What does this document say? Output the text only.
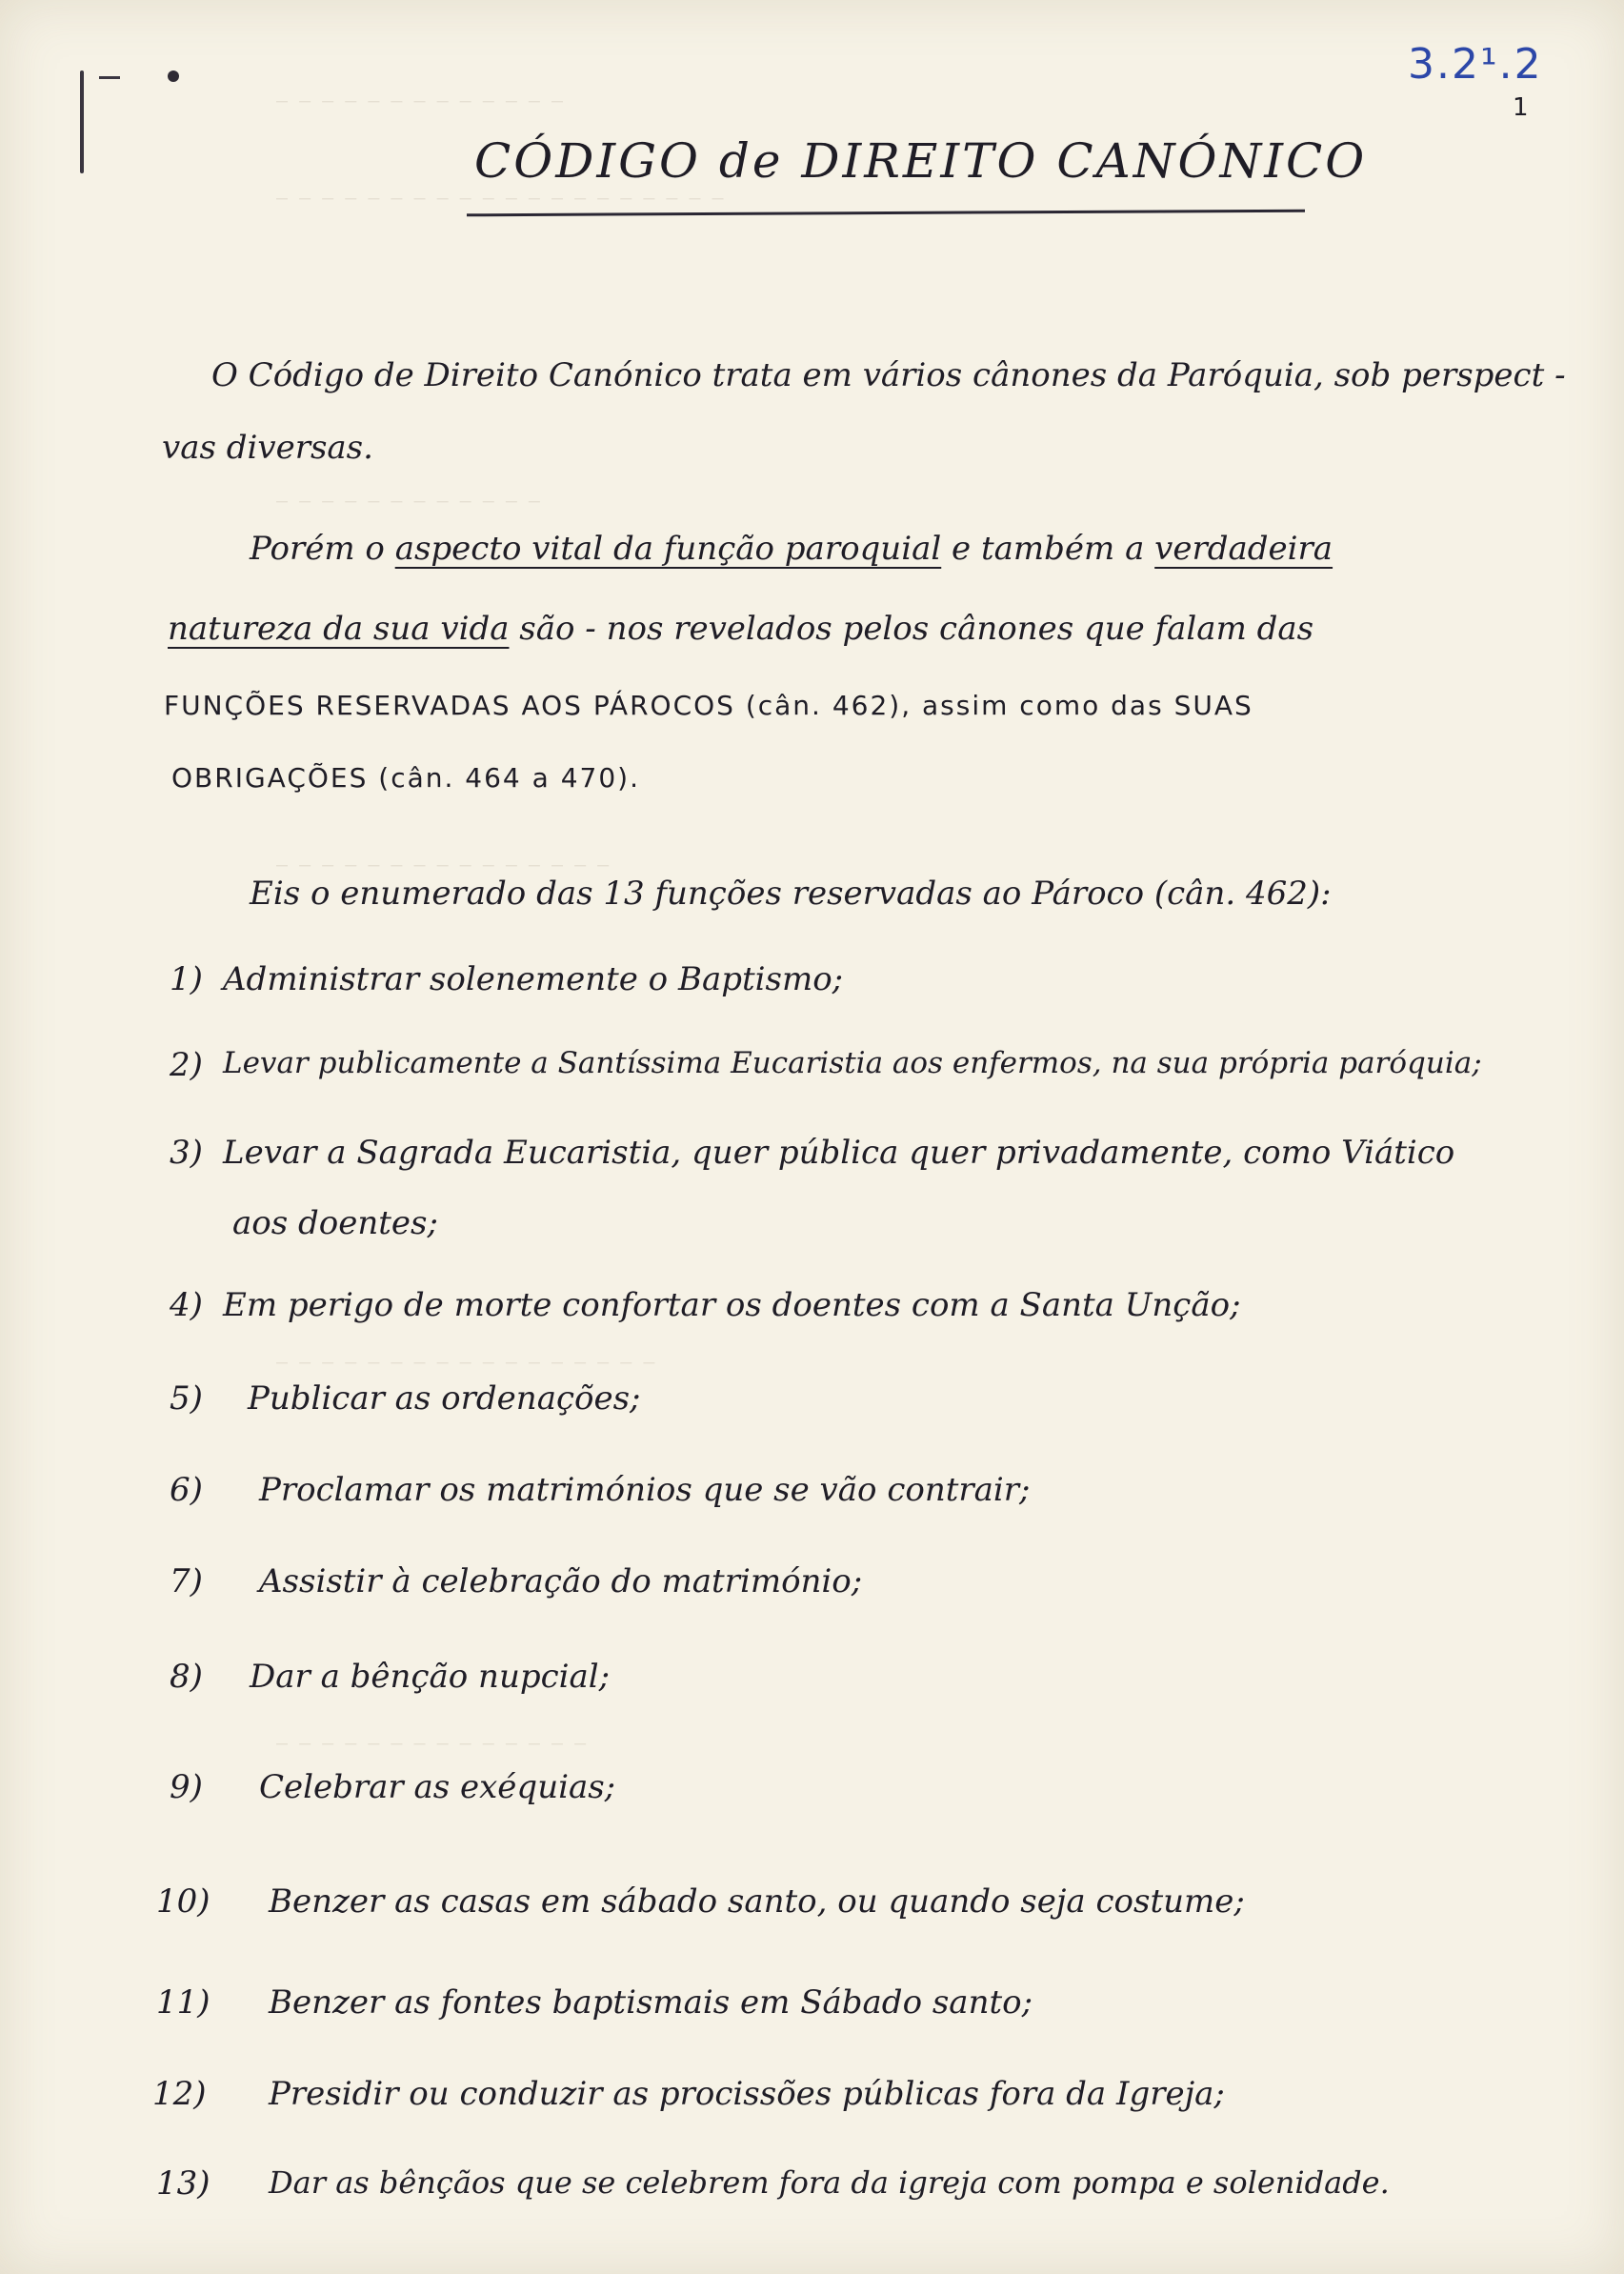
— — — — — — — — — — — — —
— — — — — — — — — — — — — — — — — — — —
— — — — — — — — — — — —
— — — — — — — — — — — — — — —
— — — — — — — — — — — — — — — — —
— — — — — — — — — — — — — —
3.2¹.2
1
CÓDIGO de DIREITO CANÓNICO
O Código de Direito Canónico trata em vários cânones da Paróquia, sob perspect -
vas diversas.
Porém o aspecto vital da função paroquial e também a verdadeira
natureza da sua vida são - nos revelados pelos cânones que falam das
FUNÇÕES RESERVADAS AOS PÁROCOS (cân. 462), assim como das SUAS
OBRIGAÇÕES (cân. 464 a 470).
Eis o enumerado das 13 funções reservadas ao Pároco (cân. 462):
1) Administrar solenemente o Baptismo;
2) Levar publicamente a Santíssima Eucaristia aos enfermos, na sua própria paróquia;
3) Levar a Sagrada Eucaristia, quer pública quer privadamente, como Viático
aos doentes;
4) Em perigo de morte confortar os doentes com a Santa Unção;
5) Publicar as ordenações;
6) Proclamar os matrimónios que se vão contrair;
7) Assistir à celebração do matrimónio;
8) Dar a bênção nupcial;
9) Celebrar as exéquias;
10) Benzer as casas em sábado santo, ou quando seja costume;
11) Benzer as fontes baptismais em Sábado santo;
12) Presidir ou conduzir as procissões públicas fora da Igreja;
13) Dar as bênçãos que se celebrem fora da igreja com pompa e solenidade.
